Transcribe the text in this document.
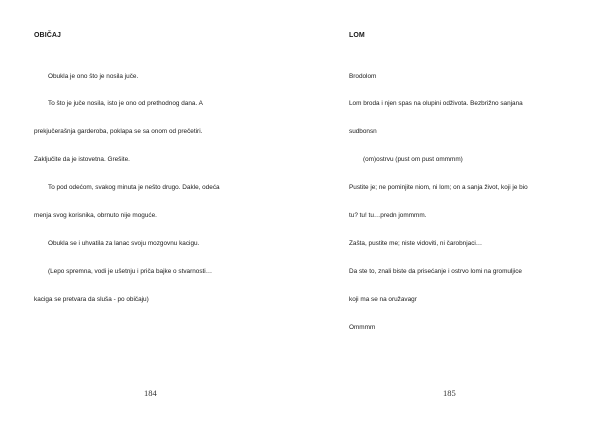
OBIČAJ

Obukla je ono što je nosila juče.

To što je juče nosila, isto je ono od prethodnog dana. A

prekjučerašnja garderoba, poklapa se sa onom od prečetiri.

Zaključite da je istovetna. Grešite.

To pod odećom, svakog minuta je nešto drugo. Dakle, odeća

menja svog korisnika, obrnuto nije moguće.

Obukla se i uhvatila za lanac svoju mozgovnu kacigu.

(Lepo spremna, vodi je ušetnju i priča bajke o stvarnosti…

kaciga se pretvara da sluša - po običaju)

184
LOM

Brodolom

Lom broda i njen spas na olupini odživota. Bezbrižno sanjana

sudbonsn

(om)ostrvu (pust om pust ommmm)

Pustite je; ne pominjite niom, ni lom; on a sanja život, koji je bio

tu? tu! tu…predn jommmm.

Zašta, pustite me; niste vidoviti, ni čarobnjaci…

Da ste to, znali biste da prisećanje i ostrvo lomi na gromuljice

koji ma se na oružavagr

Ommmm

185
